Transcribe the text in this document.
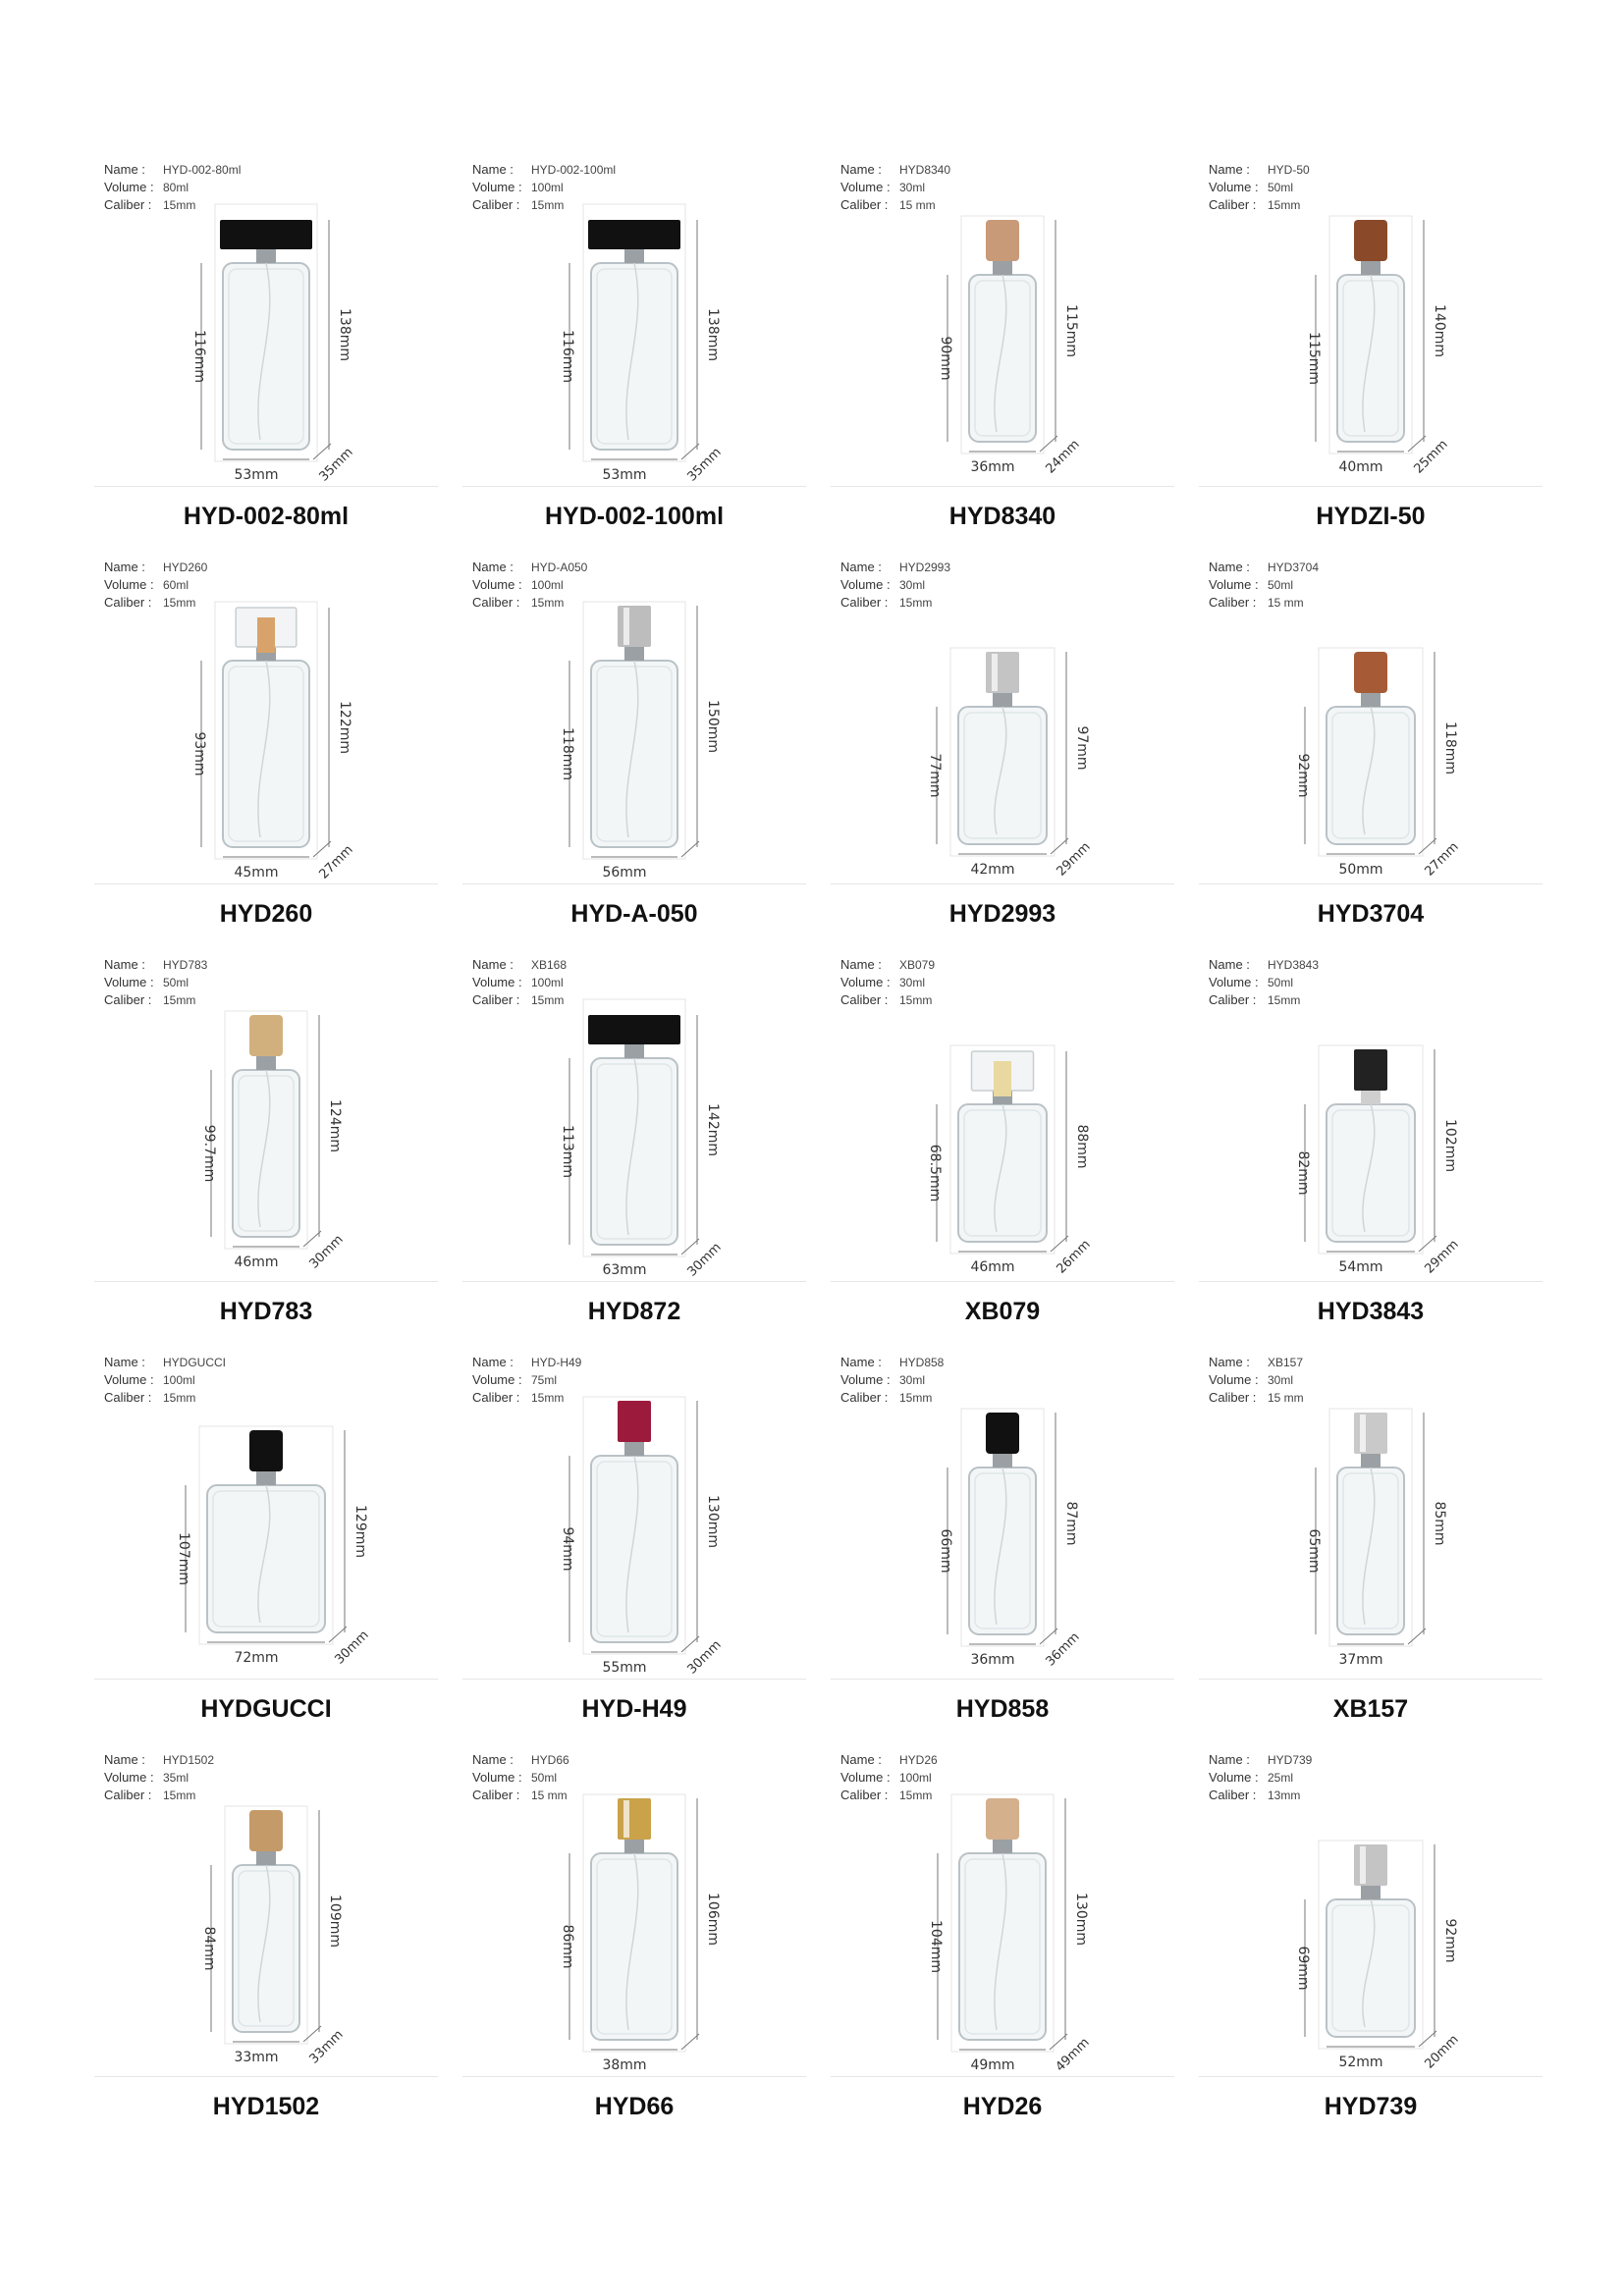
Name : HYD-002-80ml
Volume : 80ml
Caliber : 15mm
116mm	138mm
53mm	35mm
HYD-002-80ml
Name : HYD-002-100ml
Volume : 100ml
Caliber : 15mm
116mm	138mm
53mm	35mm
HYD-002-100ml
Name : HYD8340
Volume : 30ml
Caliber : 15 mm
90mm
115mm
36mm 24mm
HYD8340
Name : HYD-50
Volume : 50ml
Caliber : 15mm
115mm
140mm
40mm 25mm
HYDZI-50
Name : HYD260
Volume : 60ml
Caliber : 15mm
93mm	122mm
45mm	27mm
HYD260
Name : HYD-A050
Volume : 100ml
Caliber : 15mm
118mm
150mm
56mm
HYD-A-050
Name : HYD2993
Volume : 30ml
Caliber : 15mm
77mm
97mm
42mm	29mm
HYD2993
Name : HYD3704
Volume : 50ml
Caliber : 15 mm
92mm
118mm
50mm	27mm
HYD3704
Name : HYD783
Volume : 50ml
Caliber : 15mm
99.7mm	124mm
46mm 30mm
HYD783
Name : XB168
Volume : 100ml
Caliber : 15mm
113mm	142mm
63mm	30mm
HYD872
Name : XB079
Volume : 30ml
Caliber : 15mm
68.5mm	88mm
46mm	26mm
XB079
Name : HYD3843
Volume : 50ml
Caliber : 15mm
82mm
102mm
54mm	29mm
HYD3843
Name : HYDGUCCI
Volume : 100ml
Caliber : 15mm
107mm
129mm
72mm	30mm
HYDGUCCI
Name : HYD-H49
Volume : 75ml
Caliber : 15mm
94mm
130mm
55mm	30mm
HYD-H49
Name : HYD858
Volume : 30ml
Caliber : 15mm
66mm
87mm
36mm 36mm
HYD858
Name : XB157
Volume : 30ml
Caliber : 15 mm
65mm
85mm
37mm
XB157
Name : HYD1502
Volume : 35ml
Caliber : 15mm
84mm
109mm
33mm 33mm
HYD1502
Name : HYD66
Volume : 50ml
Caliber : 15 mm
86mm
106mm
38mm
HYD66
Name : HYD26
Volume : 100ml
Caliber : 15mm
104mm
130mm
49mm	49mm
HYD26
Name : HYD739
Volume : 25ml
Caliber : 13mm
69mm
92mm
52mm	20mm
HYD739
